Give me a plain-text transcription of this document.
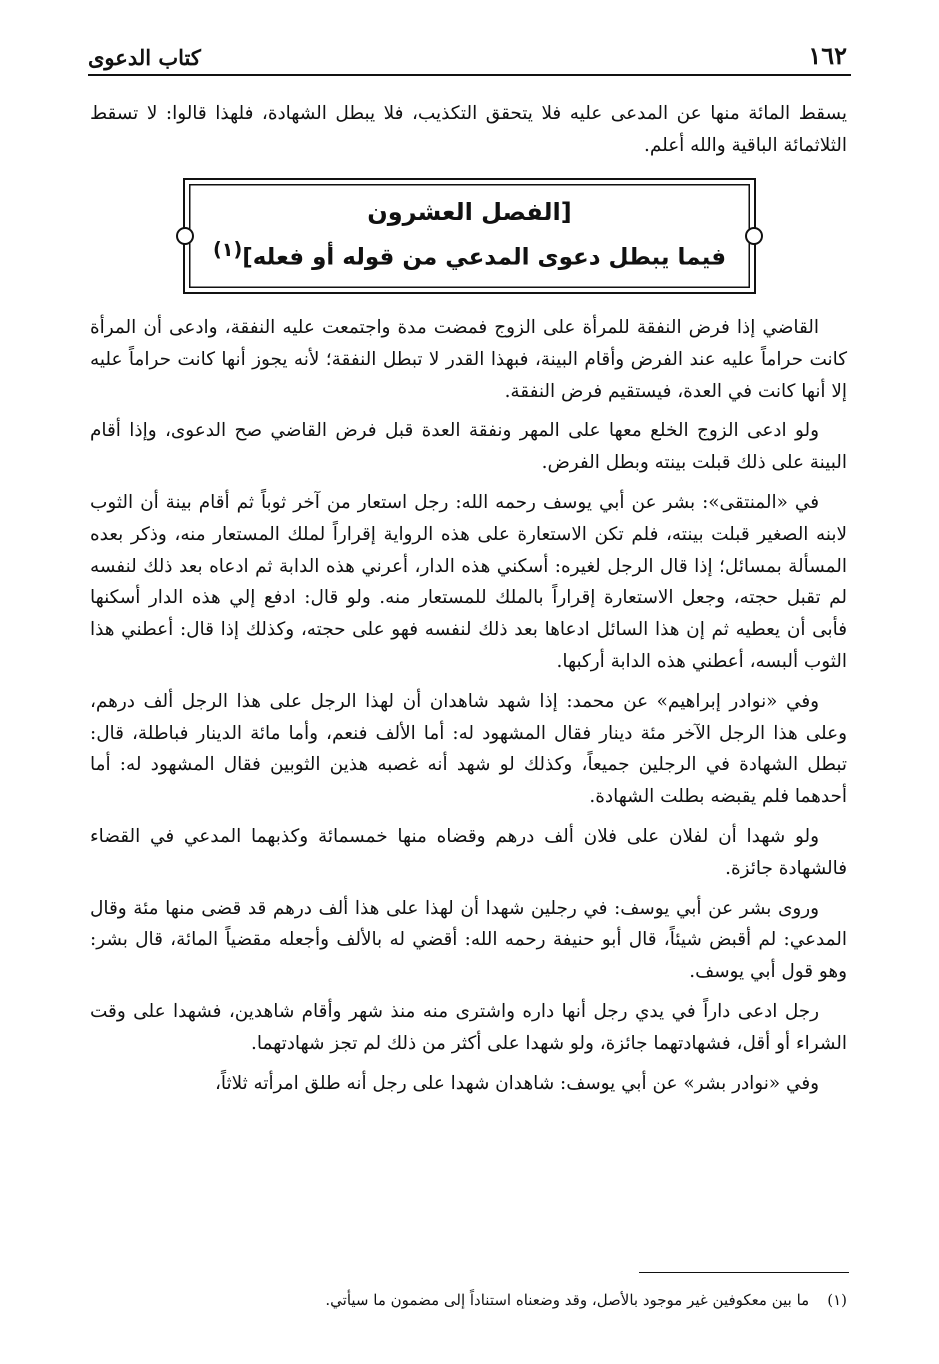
١٦٢
كتاب الدعوى

يسقط المائة منها عن المدعى عليه فلا يتحقق التكذيب، فلا يبطل الشهادة، فلهذا قالوا: لا تسقط الثلاثمائة الباقية والله أعلم.

[الفصل العشرون
فيما يبطل دعوى المدعي من قوله أو فعله]$^{(١)}$

القاضي إذا فرض النفقة للمرأة على الزوج فمضت مدة واجتمعت عليه النفقة، وادعى أن المرأة كانت حراماً عليه عند الفرض وأقام البينة، فبهذا القدر لا تبطل النفقة؛ لأنه يجوز أنها كانت حراماً عليه إلا أنها كانت في العدة، فيستقيم فرض النفقة.

ولو ادعى الزوج الخلع معها على المهر ونفقة العدة قبل فرض القاضي صح الدعوى، وإذا أقام البينة على ذلك قبلت بينته وبطل الفرض.

في «المنتقى»: بشر عن أبي يوسف رحمه الله: رجل استعار من آخر ثوباً ثم أقام بينة أن الثوب لابنه الصغير قبلت بينته، فلم تكن الاستعارة على هذه الرواية إقراراً لملك المستعار منه، وذكر بعده المسألة بمسائل؛ إذا قال الرجل لغيره: أسكني هذه الدار، أعرني هذه الدابة ثم ادعاه بعد ذلك لنفسه لم تقبل حجته، وجعل الاستعارة إقراراً بالملك للمستعار منه. ولو قال: ادفع إلي هذه الدار أسكنها فأبى أن يعطيه ثم إن هذا السائل ادعاها بعد ذلك لنفسه فهو على حجته، وكذلك إذا قال: أعطني هذا الثوب ألبسه، أعطني هذه الدابة أركبها.

وفي «نوادر إبراهيم» عن محمد: إذا شهد شاهدان أن لهذا الرجل على هذا الرجل ألف درهم، وعلى هذا الرجل الآخر مئة دينار فقال المشهود له: أما الألف فنعم، وأما مائة الدينار فباطلة، قال: تبطل الشهادة في الرجلين جميعاً، وكذلك لو شهد أنه غصبه هذين الثوبين فقال المشهود له: أما أحدهما فلم يقبضه بطلت الشهادة.

ولو شهدا أن لفلان على فلان ألف درهم وقضاه منها خمسمائة وكذبهما المدعي في القضاء فالشهادة جائزة.

وروى بشر عن أبي يوسف: في رجلين شهدا أن لهذا على هذا ألف درهم قد قضى منها مئة وقال المدعي: لم أقبض شيئاً، قال أبو حنيفة رحمه الله: أقضي له بالألف وأجعله مقضياً المائة، قال بشر: وهو قول أبي يوسف.

رجل ادعى داراً في يدي رجل أنها داره واشترى منه منذ شهر وأقام شاهدين، فشهدا على وقت الشراء أو أقل، فشهادتهما جائزة، ولو شهدا على أكثر من ذلك لم تجز شهادتهما.

وفي «نوادر بشر» عن أبي يوسف: شاهدان شهدا على رجل أنه طلق امرأته ثلاثاً،

(١)ما بين معكوفين غير موجود بالأصل، وقد وضعناه استناداً إلى مضمون ما سيأتي.
